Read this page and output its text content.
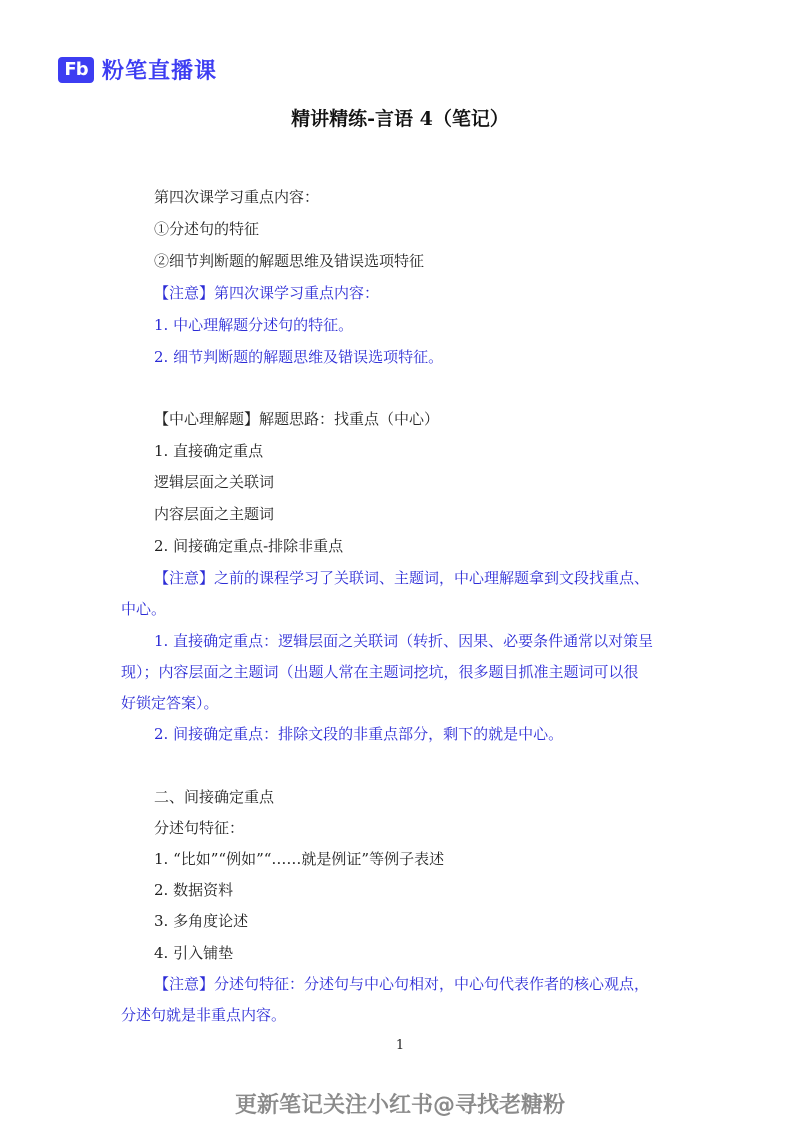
Fb 粉笔直播课
精讲精练-言语 4（笔记）
第四次课学习重点内容：
①分述句的特征
②细节判断题的解题思维及错误选项特征
【注意】第四次课学习重点内容：
1. 中心理解题分述句的特征。
2. 细节判断题的解题思维及错误选项特征。
【中心理解题】解题思路：找重点（中心）
1. 直接确定重点
逻辑层面之关联词
内容层面之主题词
2. 间接确定重点-排除非重点
【注意】之前的课程学习了关联词、主题词，中心理解题拿到文段找重点、
中心。
1. 直接确定重点：逻辑层面之关联词（转折、因果、必要条件通常以对策呈
现）；内容层面之主题词（出题人常在主题词挖坑，很多题目抓准主题词可以很
好锁定答案）。
2. 间接确定重点：排除文段的非重点部分，剩下的就是中心。
二、间接确定重点
分述句特征：
1. “比如”“例如”“……就是例证”等例子表述
2. 数据资料
3. 多角度论述
4. 引入铺垫
【注意】分述句特征：分述句与中心句相对，中心句代表作者的核心观点，
分述句就是非重点内容。
1
更新笔记关注小红书@寻找老糖粉
